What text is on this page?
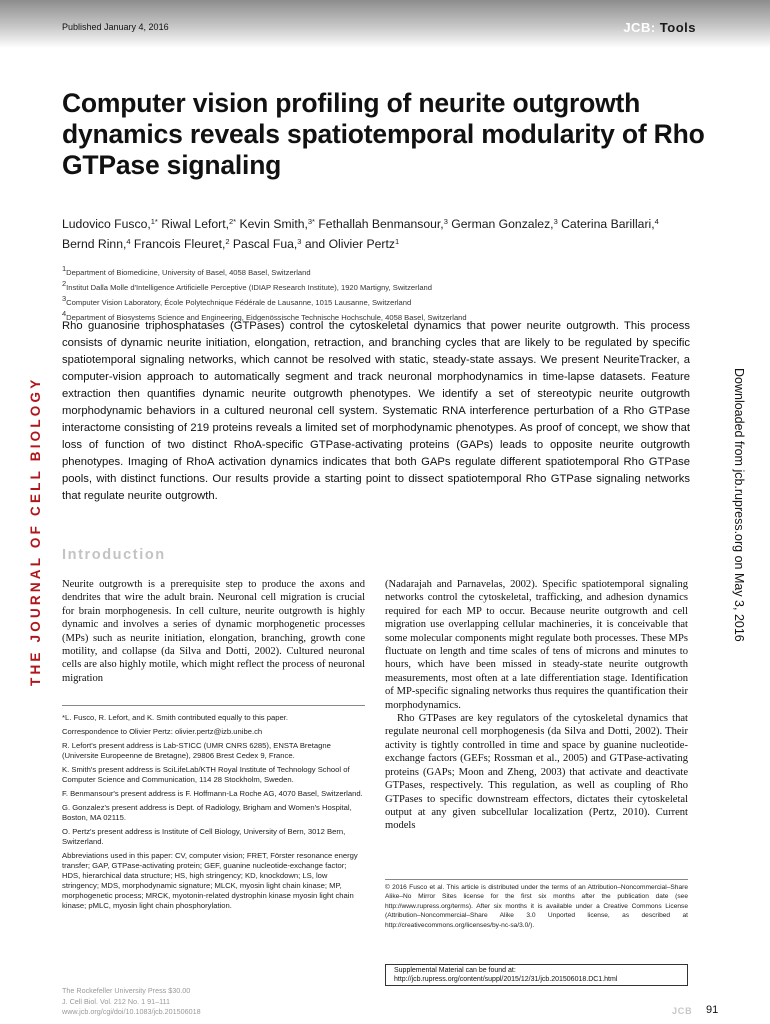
Published January 4, 2016	JCB: Tools
THE JOURNAL OF CELL BIOLOGY	Downloaded from jcb.rupress.org on May 3, 2016
Computer vision profiling of neurite outgrowth dynamics reveals spatiotemporal modularity of Rho GTPase signaling
Ludovico Fusco,$^{1*}$ Riwal Lefort,$^{2*}$ Kevin Smith,$^{3*}$ Fethallah Benmansour,$^3$ German Gonzalez,$^3$ Caterina Barillari,$^4$
Bernd Rinn,$^4$ Francois Fleuret,$^2$ Pascal Fua,$^3$ and Olivier Pertz$^1$
$^1$Department of Biomedicine, University of Basel, 4058 Basel, Switzerland
$^2$Institut Dalla Molle d'Intelligence Artificielle Perceptive (IDIAP Research Institute), 1920 Martigny, Switzerland
$^3$Computer Vision Laboratory, École Polytechnique Fédérale de Lausanne, 1015 Lausanne, Switzerland
$^4$Department of Biosystems Science and Engineering, Eidgenössische Technische Hochschule, 4058 Basel, Switzerland

Rho guanosine triphosphatases (GTPases) control the cytoskeletal dynamics that power neurite outgrowth. This process consists of dynamic neurite initiation, elongation, retraction, and branching cycles that are likely to be regulated by specific spatiotemporal signaling networks, which cannot be resolved with static, steady-state assays. We present NeuriteTracker, a computer-vision approach to automatically segment and track neuronal morphodynamics in time-lapse datasets. Feature extraction then quantifies dynamic neurite outgrowth phenotypes. We identify a set of stereotypic neurite outgrowth morphodynamic behaviors in a cultured neuronal cell system. Systematic RNA interference perturbation of a Rho GTPase interactome consisting of 219 proteins reveals a limited set of morphodynamic phenotypes. As proof of concept, we show that loss of function of two distinct RhoA-specific GTPase-activating proteins (GAPs) leads to opposite neurite outgrowth phenotypes. Imaging of RhoA activation dynamics indicates that both GAPs regulate different spatiotemporal Rho GTPase pools, with distinct functions. Our results provide a starting point to dissect spatiotemporal Rho GTPase signaling networks that regulate neurite outgrowth.

Introduction

Neurite outgrowth is a prerequisite step to produce the axons and dendrites that wire the adult brain. Neuronal cell migration is crucial for brain morphogenesis. In cell culture, neurite outgrowth is highly dynamic and involves a series of dynamic morphogenetic processes (MPs) such as neurite initiation, elongation, branching, growth cone motility, and collapse (da Silva and Dotti, 2002). Cultured neuronal cells are also highly motile, which might reflect the process of neuronal migration

*L. Fusco, R. Lefort, and K. Smith contributed equally to this paper.
Correspondence to Olivier Pertz: olivier.pertz@izb.unibe.ch
R. Lefort's present address is Lab-STICC (UMR CNRS 6285), ENSTA Bretagne (Universite Europeenne de Bretagne), 29806 Brest Cedex 9, France.
K. Smith's present address is SciLifeLab/KTH Royal Institute of Technology School of Computer Science and Communication, 114 28 Stockholm, Sweden.
F. Benmansour's present address is F. Hoffmann-La Roche AG, 4070 Basel, Switzerland.
G. Gonzalez's present address is Dept. of Radiology, Brigham and Women's Hospital, Boston, MA 02115.
O. Pertz's present address is Institute of Cell Biology, University of Bern, 3012 Bern, Switzerland.
Abbreviations used in this paper: CV, computer vision; FRET, Förster resonance energy transfer; GAP, GTPase-activating protein; GEF, guanine nucleotide-exchange factor; HDS, hierarchical data structure; HS, high stringency; KD, knockdown; LS, low stringency; MDS, morphodynamic signature; MLCK, myosin light chain kinase; MP, morphogenetic process; MRCK, myotonin-related dystrophin kinase myosin light chain kinase; pMLC, myosin light chain phosphorylation.

(Nadarajah and Parnavelas, 2002). Specific spatiotemporal signaling networks control the cytoskeletal, trafficking, and adhesion dynamics required for each MP to occur. Because neurite outgrowth and cell migration use overlapping cellular machineries, it is conceivable that some molecular components might regulate both processes. These MPs fluctuate on length and time scales of tens of microns and minutes to hours, which have been missed in steady-state neurite outgrowth measurements, most often at a late differentiation stage. Identification of MP-specific signaling networks thus requires the quantification their morphodynamics.

Rho GTPases are key regulators of the cytoskeletal dynamics that regulate neuronal cell morphogenesis (da Silva and Dotti, 2002). Their activity is tightly controlled in time and space by guanine nucleotide-exchange factors (GEFs; Rossman et al., 2005) and GTPase-activating proteins (GAPs; Moon and Zheng, 2003) that activate and deactivate GTPases, respectively. This regulation, as well as coupling of Rho GTPases to specific downstream effectors, dictates their cytoskeletal output at any given subcellular localization (Pertz, 2010). Current models

© 2016 Fusco et al. This article is distributed under the terms of an Attribution–Noncommercial–Share Alike–No Mirror Sites license for the first six months after the publication date (see http://www.rupress.org/terms). After six months it is available under a Creative Commons License (Attribution–Noncommercial–Share Alike 3.0 Unported license, as described at http://creativecommons.org/licenses/by-nc-sa/3.0/).

Supplemental Material can be found at:
http://jcb.rupress.org/content/suppl/2015/12/31/jcb.201506018.DC1.html
The Rockefeller University Press $30.00
J. Cell Biol. Vol. 212 No. 1 91–111
www.jcb.org/cgi/doi/10.1083/jcb.201506018	JCB 91
